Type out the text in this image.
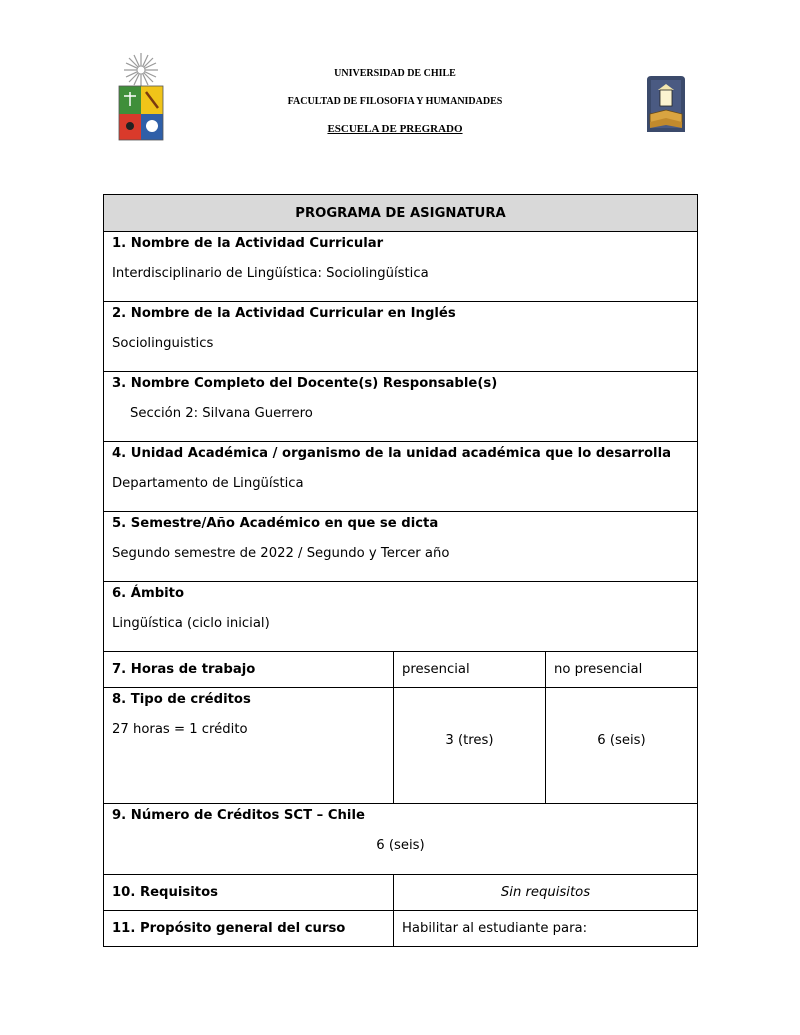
UNIVERSIDAD DE CHILE
FACULTAD DE FILOSOFIA Y HUMANIDADES
ESCUELA DE PREGRADO
PROGRAMA DE ASIGNATURA		

1. Nombre de la Actividad Curricular
Interdisciplinario de Lingüística: Sociolingüística		

2. Nombre de la Actividad Curricular en Inglés
Sociolinguistics		

3. Nombre Completo del Docente(s) Responsable(s)
Sección 2: Silvana Guerrero		

4. Unidad Académica / organismo de la unidad académica que lo desarrolla
Departamento de Lingüística		

5. Semestre/Año Académico en que se dicta
Segundo semestre de 2022 / Segundo y Tercer año		

6. Ámbito
Lingüística (ciclo inicial)		

7. Horas de trabajo	presencial	no presencial

8. Tipo de créditos
27 horas = 1 crédito	3 (tres)	6 (seis)

9. Número de Créditos SCT – Chile
6 (seis)		

10. Requisitos	Sin requisitos	
11. Propósito general del curso	Habilitar al estudiante para:	
